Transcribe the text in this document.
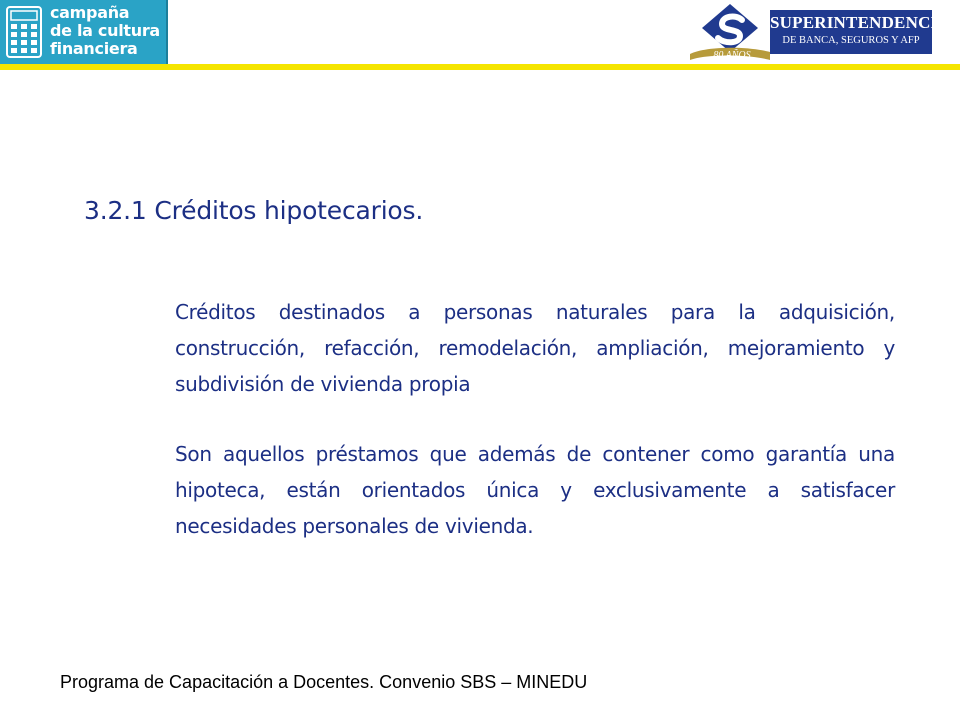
campaña
de la cultura
financiera	80 AÑOS
SUPERINTENDENCIA
DE BANCA, SEGUROS Y AFP
3.2.1 Créditos hipotecarios.
Créditos destinados a personas naturales para la adquisición, construcción, refacción, remodelación, ampliación, mejoramiento y subdivisión de vivienda propia
Son aquellos préstamos que además de contener como garantía una hipoteca, están orientados única y exclusivamente a satisfacer necesidades personales de vivienda.
Programa de Capacitación a Docentes. Convenio SBS – MINEDU
